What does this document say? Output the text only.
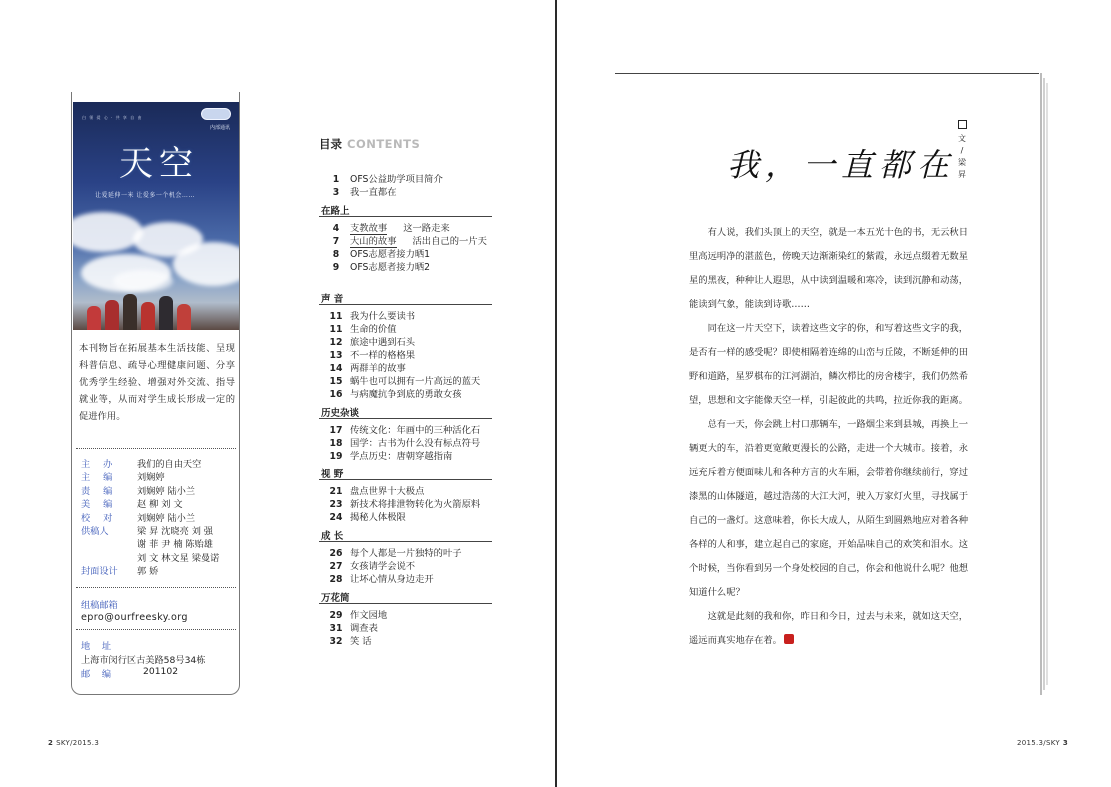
白 领 爱 心 · 共 享 自 由
内部通讯
天空
让爱延伸一米 让爱多一个机会……
本刊物旨在拓展基本生活技能、呈现科普信息、疏导心理健康问题、分享优秀学生经验、增强对外交流、指导就业等，从而对学生成长形成一定的促进作用。
主办	我们的自由天空
主编	刘娴婷
责编	刘娴婷 陆小兰
美编	赵 柳 刘 文
校对	刘娴婷 陆小兰
供稿人	梁 昇 沈晓亮 刘 强
谢 菲 尹 楠 陈贻雄
刘 文 林文星 梁曼诺
封面设计	郭 娇
组稿邮箱
epro@ourfreesky.org
地    址
上海市闵行区古美路58号34栋
邮    编	201102
2 SKY/2015.3
目录 CONTENTS
1 OFS公益助学项目简介
3 我一直都在
在路上
4 支教故事 这一路走来
7 大山的故事 活出自己的一片天
8 OFS志愿者接力晒1
9 OFS志愿者接力晒2
声 音
11 我为什么要读书
11 生命的价值
12 旅途中遇到石头
13 不一样的格格果
14 两群羊的故事
15 蜗牛也可以拥有一片高远的蓝天
16 与病魔抗争到底的勇敢女孩
历史杂谈
17 传统文化：年画中的三种活化石
18 国学：古书为什么没有标点符号
19 学点历史：唐朝穿越指南
视 野
21 盘点世界十大极点
23 新技术将排泄物转化为火箭原料
24 揭秘人体极限
成 长
26 每个人都是一片独特的叶子
27 女孩请学会说不
28 让坏心情从身边走开
万花筒
29 作文园地
31 调查表
32 笑 话
我，一直都在

文
/
梁
昇

有人说，我们头顶上的天空，就是一本五光十色的书，无云秋日里高远明净的湛蓝色，傍晚天边渐渐染红的紫霞，永远点缀着无数星星的黑夜，种种让人遐思，从中读到温暖和寒冷，读到沉静和动荡，能读到气象，能读到诗歌……

同在这一片天空下，读着这些文字的你，和写着这些文字的我，是否有一样的感受呢？即使相隔着连绵的山峦与丘陵，不断延伸的田野和道路，星罗棋布的江河湖泊，鳞次栉比的房舍楼宇，我们仍然希望，思想和文字能像天空一样，引起彼此的共鸣，拉近你我的距离。

总有一天，你会跳上村口那辆车，一路烟尘来到县城，再换上一辆更大的车，沿着更宽敞更漫长的公路，走进一个大城市。接着，永远充斥着方便面味儿和各种方言的火车厢，会带着你继续前行，穿过漆黑的山体隧道，越过浩荡的大江大河，驶入万家灯火里，寻找属于自己的一盏灯。这意味着，你长大成人，从陌生到圆熟地应对着各种各样的人和事，建立起自己的家庭，开始品味自己的欢笑和泪水。这个时候，当你看到另一个身处校园的自己，你会和他说什么呢？他想知道什么呢？

这就是此刻的我和你，昨日和今日，过去与未来，就如这天空，遥远而真实地存在着。

2015.3/SKY 3
